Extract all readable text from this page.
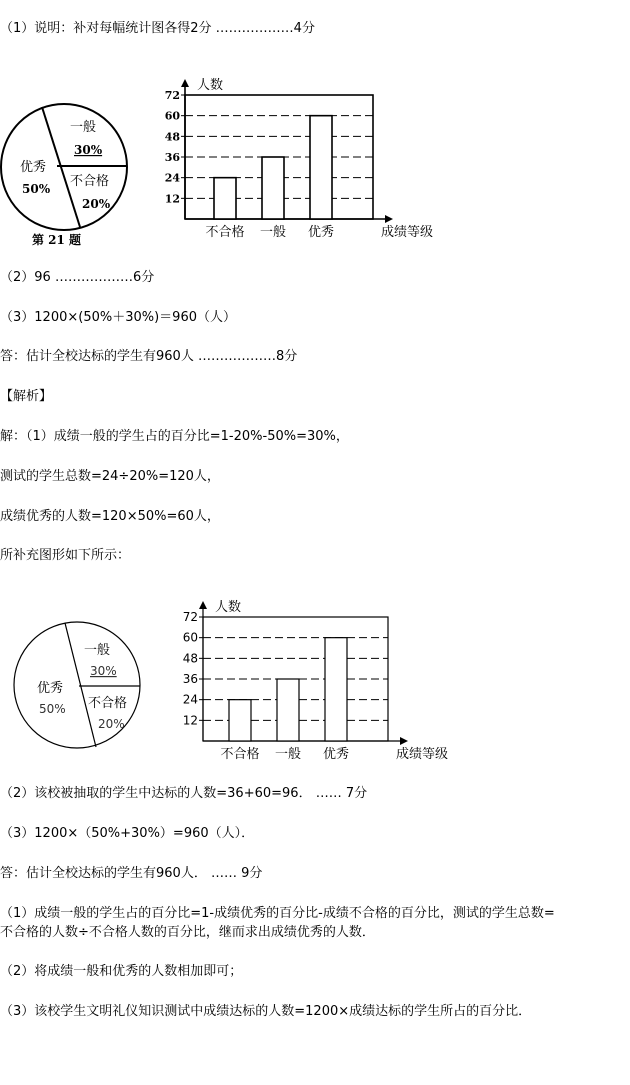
（1）说明：补对每幅统计图各得2分 ………………4分
一般
30%
不合格
20%
优秀
50%
第 21 题
12
24
36
48
60
72
人数
不合格 一般 优秀	成绩等级
（2）96 ………………6分
（3）1200×(50%＋30%)＝960（人）
答：估计全校达标的学生有960人 ………………8分
【解析】
解：（1）成绩一般的学生占的百分比=1-20%-50%=30%，
测试的学生总数=24÷20%=120人，
成绩优秀的人数=120×50%=60人，
所补充图形如下所示：
一般
30%
不合格
20%
优秀
50%
12
24
36
48
60
72
人数
不合格 一般 优秀	成绩等级
（2）该校被抽取的学生中达标的人数=36+60=96． …… 7分
（3）1200×（50%+30%）=960（人）．
答：估计全校达标的学生有960人． …… 9分
（1）成绩一般的学生占的百分比=1-成绩优秀的百分比-成绩不合格的百分比，测试的学生总数=
不合格的人数÷不合格人数的百分比，继而求出成绩优秀的人数．
（2）将成绩一般和优秀的人数相加即可；
（3）该校学生文明礼仪知识测试中成绩达标的人数=1200×成绩达标的学生所占的百分比．
